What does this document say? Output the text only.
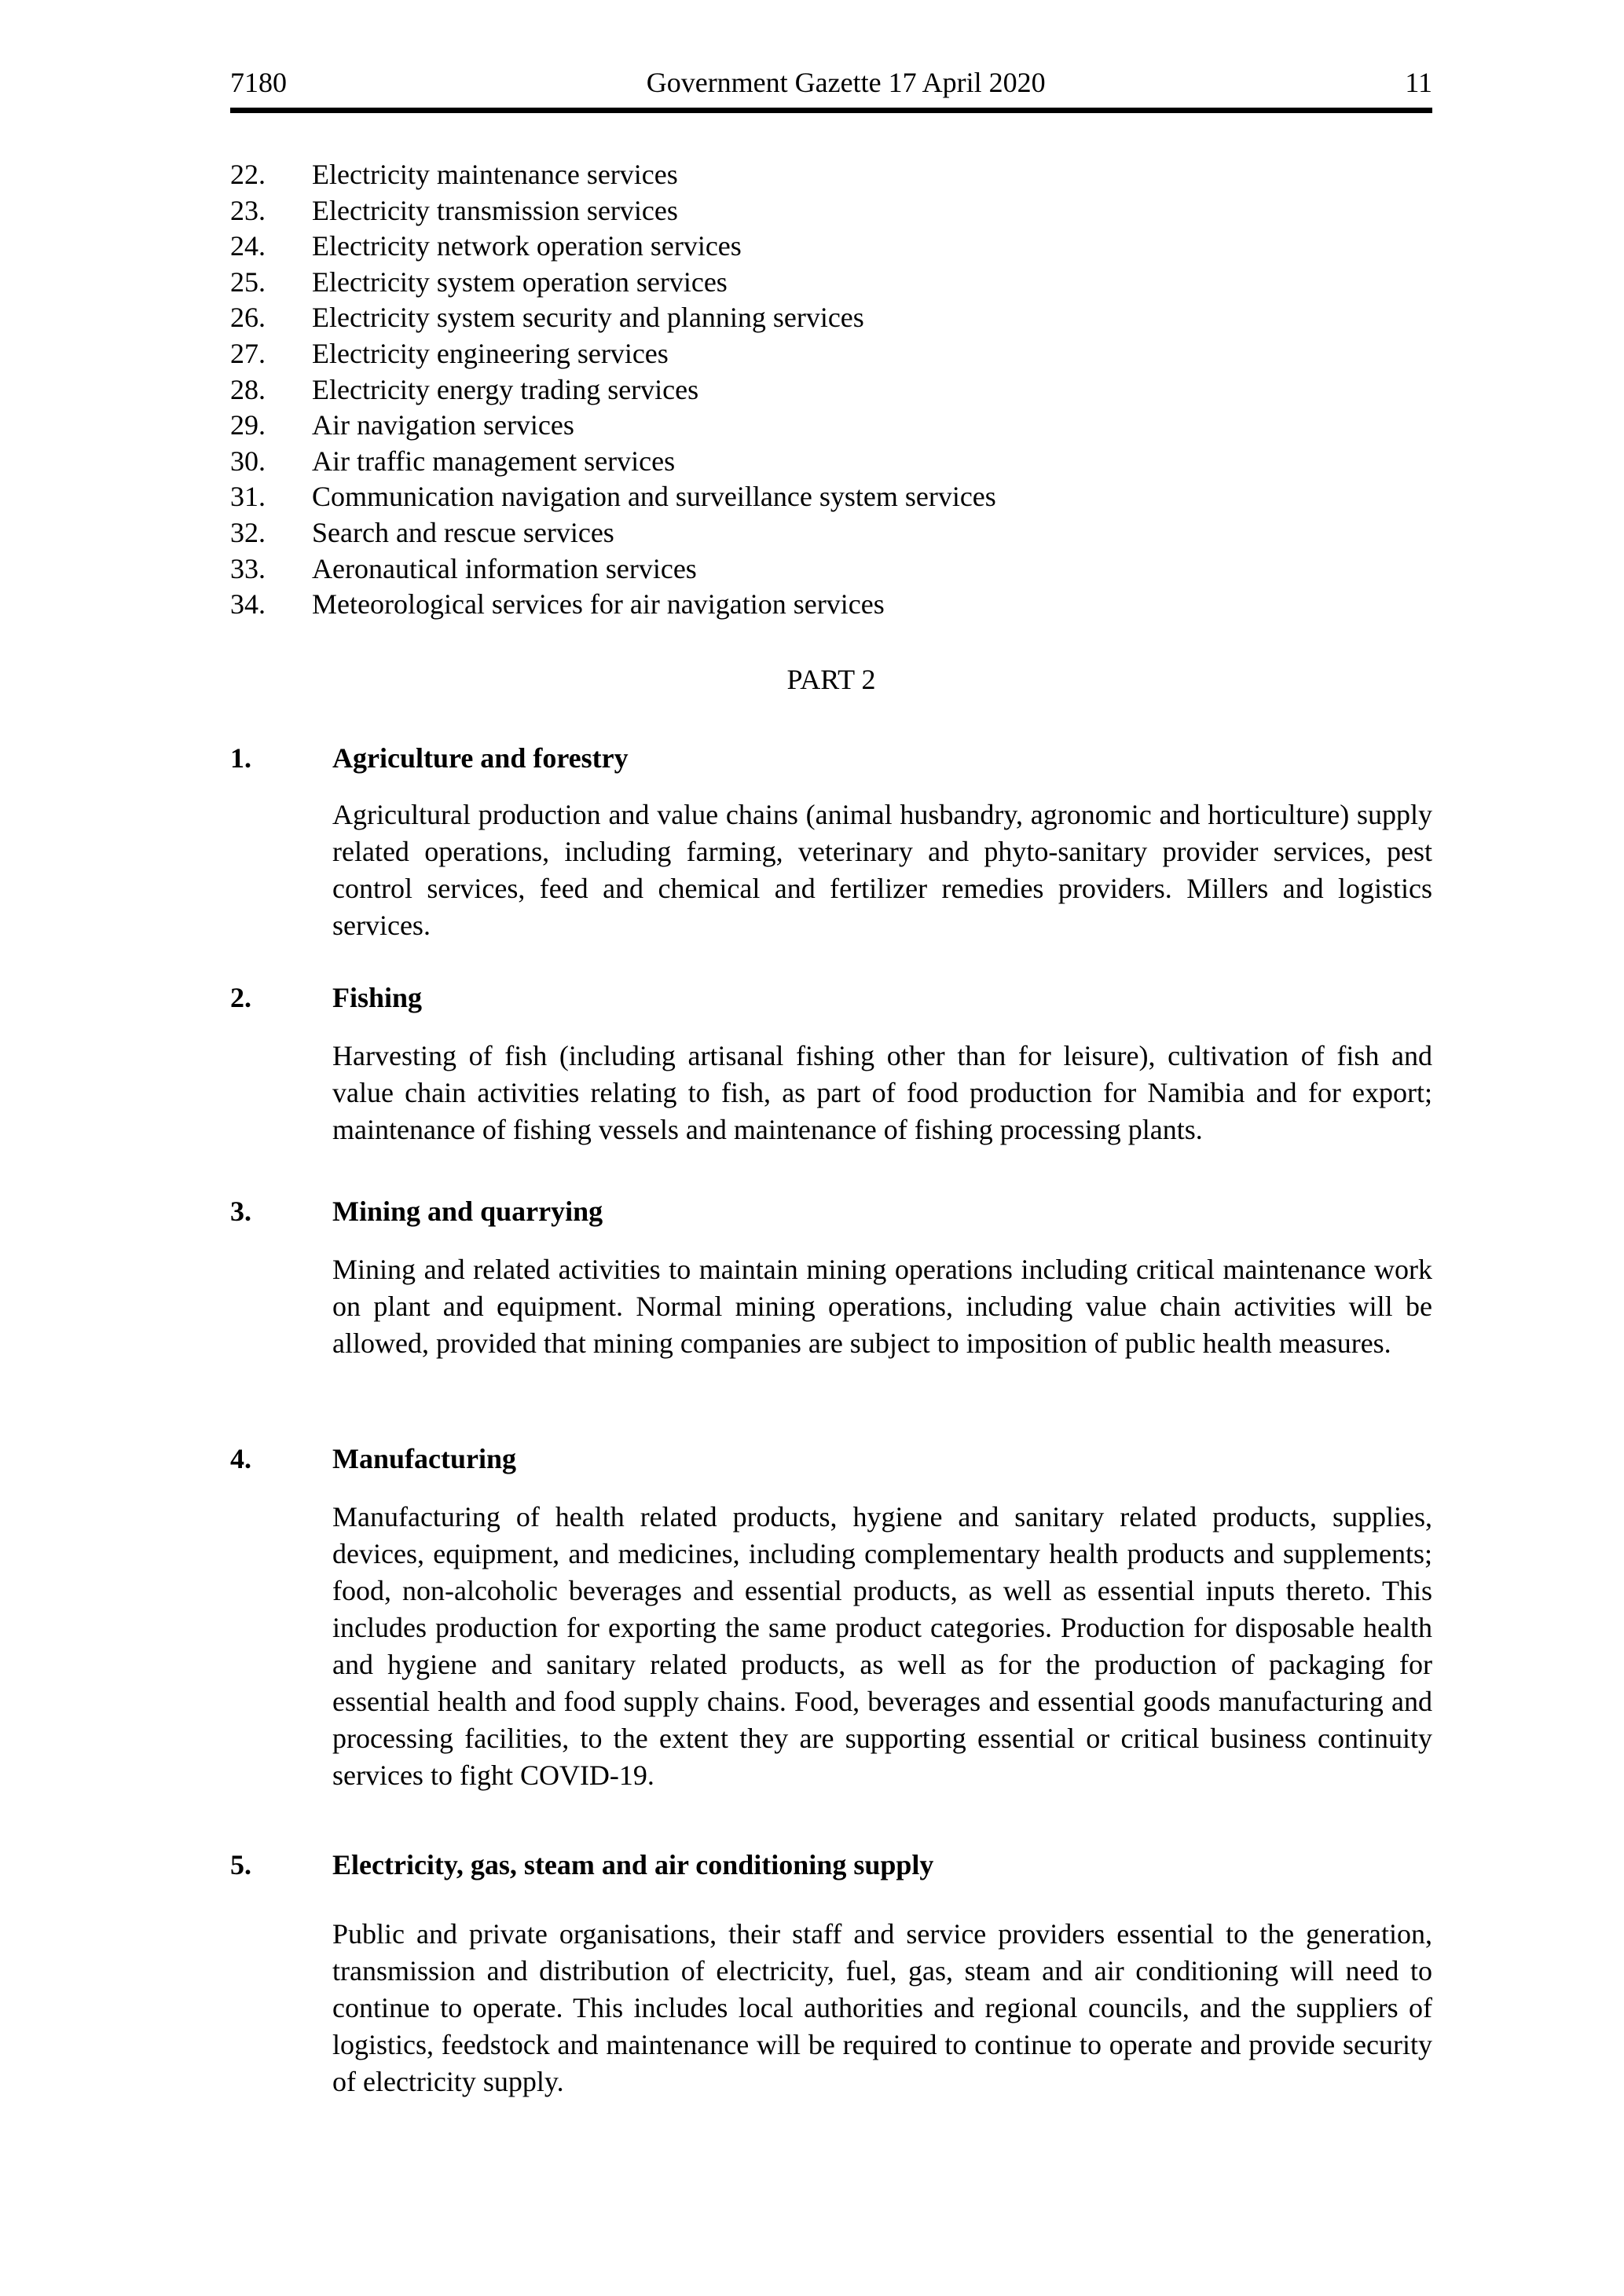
7180	Government Gazette 17 April 2020	11
22.	Electricity maintenance services
23.	Electricity transmission services
24.	Electricity network operation services
25.	Electricity system operation services
26.	Electricity system security and planning services
27.	Electricity engineering services
28.	Electricity energy trading services
29.	Air navigation services
30.	Air traffic management services
31.	Communication navigation and surveillance system services
32.	Search and rescue services
33.	Aeronautical information services
34.	Meteorological services for air navigation services
PART 2
1.	Agriculture and forestry
Agricultural production and value chains (animal husbandry, agronomic and horticulture) supply related operations, including farming, veterinary and phyto-sanitary provider services, pest control services, feed and chemical and fertilizer remedies providers. Millers and logistics services.
2.	Fishing
Harvesting of fish (including artisanal fishing other than for leisure), cultivation of fish and value chain activities relating to fish, as part of food production for Namibia and for export; maintenance of fishing vessels and maintenance of fishing processing plants.
3.	Mining and quarrying
Mining and related activities to maintain mining operations including critical maintenance work on plant and equipment. Normal mining operations, including value chain activities will be allowed, provided that mining companies are subject to imposition of public health measures.
4.	Manufacturing
Manufacturing of health related products, hygiene and sanitary related products, supplies, devices, equipment, and medicines, including complementary health products and supplements; food, non-alcoholic beverages and essential products, as well as essential inputs thereto. This includes production for exporting the same product categories. Production for disposable health and hygiene and sanitary related products, as well as for the production of packaging for essential health and food supply chains. Food, beverages and essential goods manufacturing and processing facilities, to the extent they are supporting essential or critical business continuity services to fight COVID-19.
5.	Electricity, gas, steam and air conditioning supply
Public and private organisations, their staff and service providers essential to the generation, transmission and distribution of electricity, fuel, gas, steam and air conditioning will need to continue to operate. This includes local authorities and regional councils, and the suppliers of logistics, feedstock and maintenance will be required to continue to operate and provide security of electricity supply.
